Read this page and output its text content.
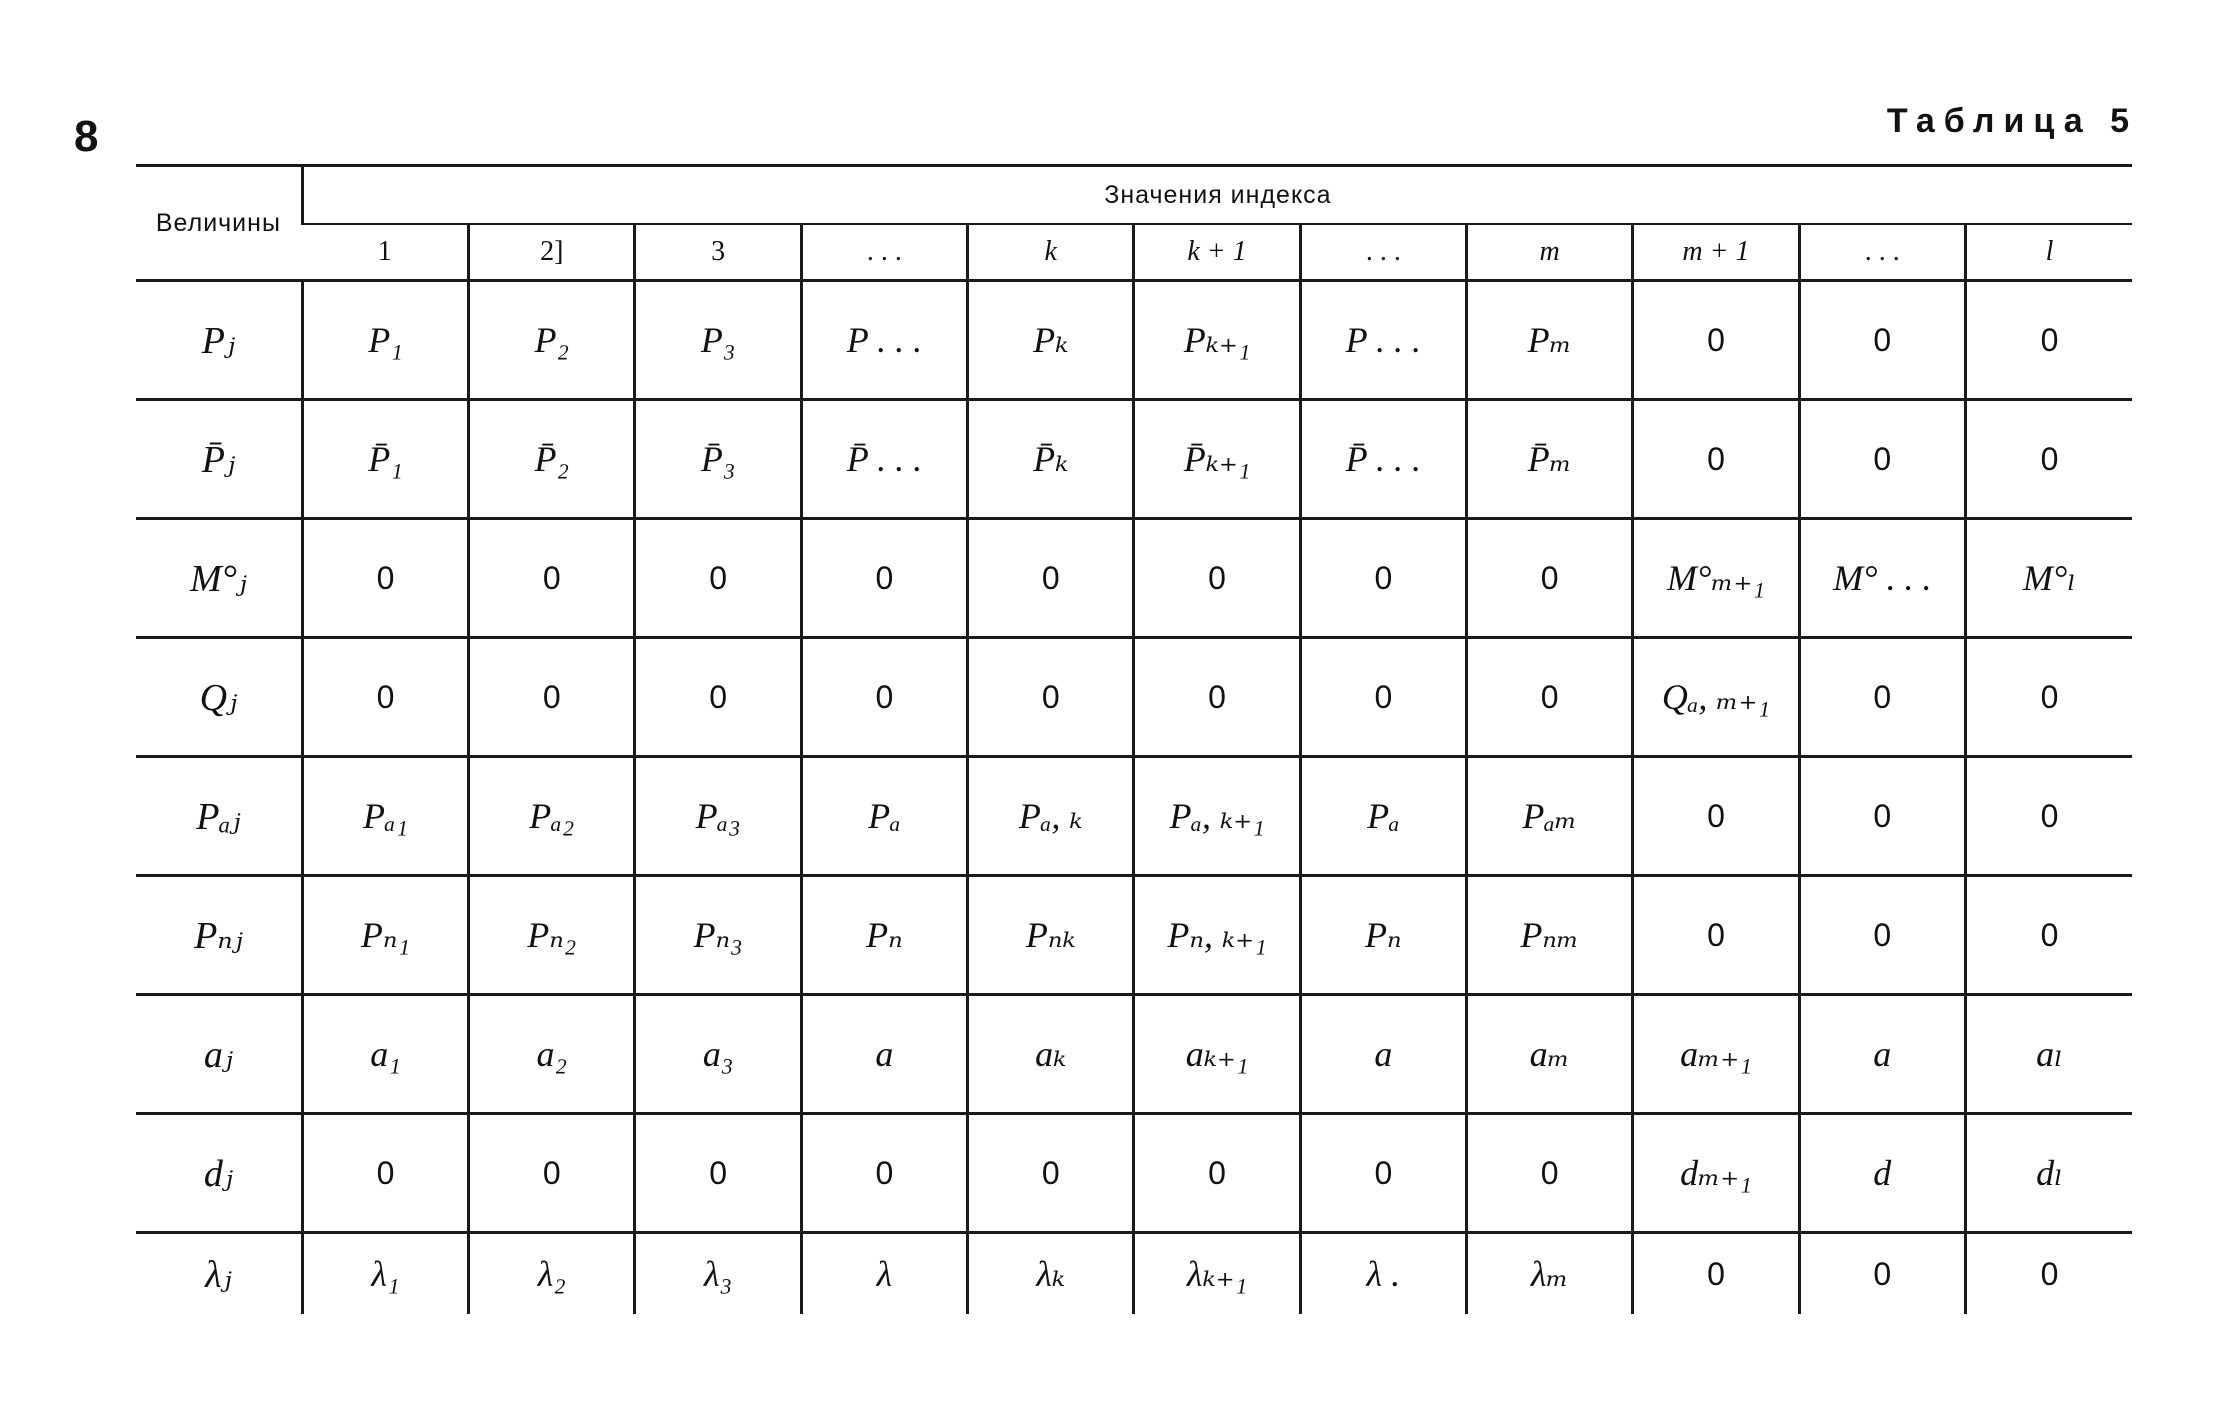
8	Таблица 5
Величины	Значения индекса										
	1	2]	3	. . .	k	k + 1	. . .	m	m + 1	. . .	l
Pⱼ	P₁	P₂	P₃	P . . .	Pₖ	Pₖ₊₁	P . . .	Pₘ	0	0	0
P̄ⱼ	P̄₁	P̄₂	P̄₃	P̄ . . .	P̄ₖ	P̄ₖ₊₁	P̄ . . .	P̄ₘ	0	0	0
M°ⱼ	0	0	0	0	0	0	0	0	M°ₘ₊₁	M° . . .	M°ₗ
Qⱼ	0	0	0	0	0	0	0	0	Qₐ, ₘ₊₁	0	0
Pₐⱼ	Pₐ₁	Pₐ₂	Pₐ₃	Pₐ	Pₐ, ₖ	Pₐ, ₖ₊₁	Pₐ	Pₐₘ	0	0	0
Pₙⱼ	Pₙ₁	Pₙ₂	Pₙ₃	Pₙ	Pₙₖ	Pₙ, ₖ₊₁	Pₙ	Pₙₘ	0	0	0
aⱼ	a₁	a₂	a₃	a	aₖ	aₖ₊₁	a	aₘ	aₘ₊₁	a	aₗ
dⱼ	0	0	0	0	0	0	0	0	dₘ₊₁	d	dₗ
λⱼ	λ₁	λ₂	λ₃	λ	λₖ	λₖ₊₁	λ .	λₘ	0	0	0
